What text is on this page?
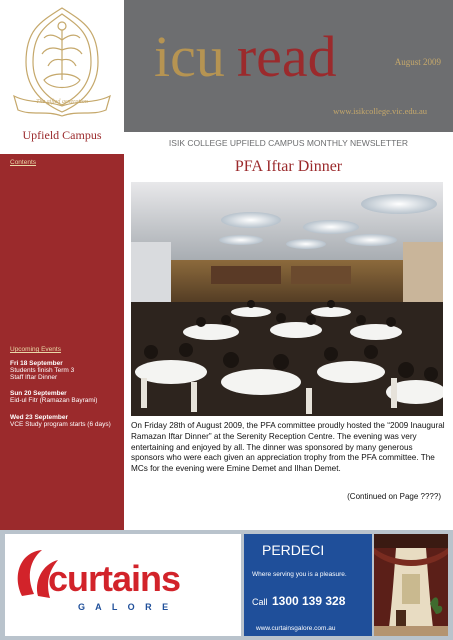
The gifted generation
Upfield Campus
August 2009
icu read
www.isikcollege.vic.edu.au
ISIK COLLEGE UPFIELD CAMPUS MONTHLY NEWSLETTER
Contents
Upcoming Events
Fri 18 September
Students finish Term 3
Staff Iftar Dinner
Sun 20 September
Eid-ul Fitr (Ramazan Bayrami)
Wed 23 September
VCE Study program starts (6 days)
PFA Iftar Dinner
On Friday 28th of August 2009, the PFA committee proudly hosted the “2009 Inaugural Ramazan Iftar Dinner” at the Serenity Reception Centre. The evening was very entertaining and enjoyed by all. The dinner was sponsored by many generous sponsors who were each given an appreciation trophy from the PFA committee. The MCs for the evening were Emine Demet and Ilhan Demet.
(Continued on Page ????)
curtains
G A L O R E
PERDECI
Where serving you is a pleasure.
Call 1300 139 328
www.curtainsgalore.com.au
